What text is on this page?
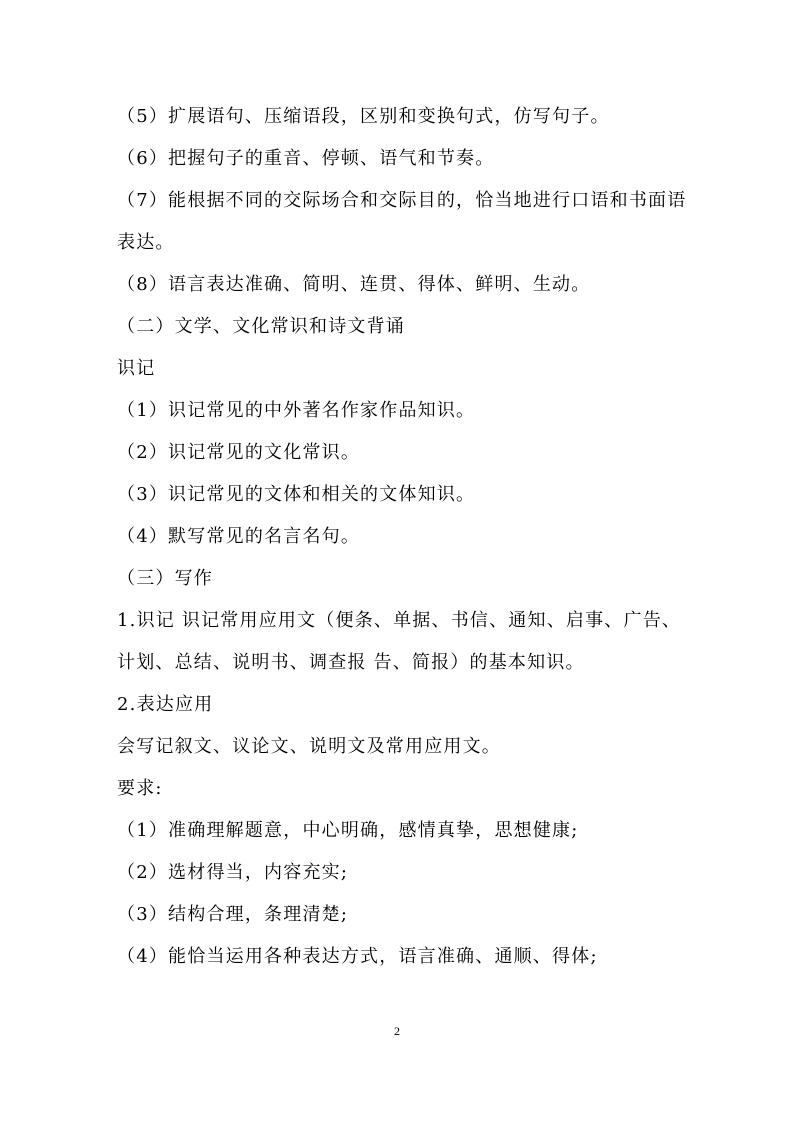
（5）扩展语句、压缩语段，区别和变换句式，仿写句子。
（6）把握句子的重音、停顿、语气和节奏。
（7）能根据不同的交际场合和交际目的，恰当地进行口语和书面语
表达。
（8）语言表达准确、简明、连贯、得体、鲜明、生动。
（二）文学、文化常识和诗文背诵
识记
（1）识记常见的中外著名作家作品知识。
（2）识记常见的文化常识。
（3）识记常见的文体和相关的文体知识。
（4）默写常见的名言名句。
（三）写作
1.识记 识记常用应用文（便条、单据、书信、通知、启事、广告、
计划、总结、说明书、调查报 告、简报）的基本知识。
2.表达应用
会写记叙文、议论文、说明文及常用应用文。
要求:
（1）准确理解题意，中心明确，感情真挚，思想健康;
（2）选材得当，内容充实;
（3）结构合理，条理清楚;
（4）能恰当运用各种表达方式，语言准确、通顺、得体;
2
